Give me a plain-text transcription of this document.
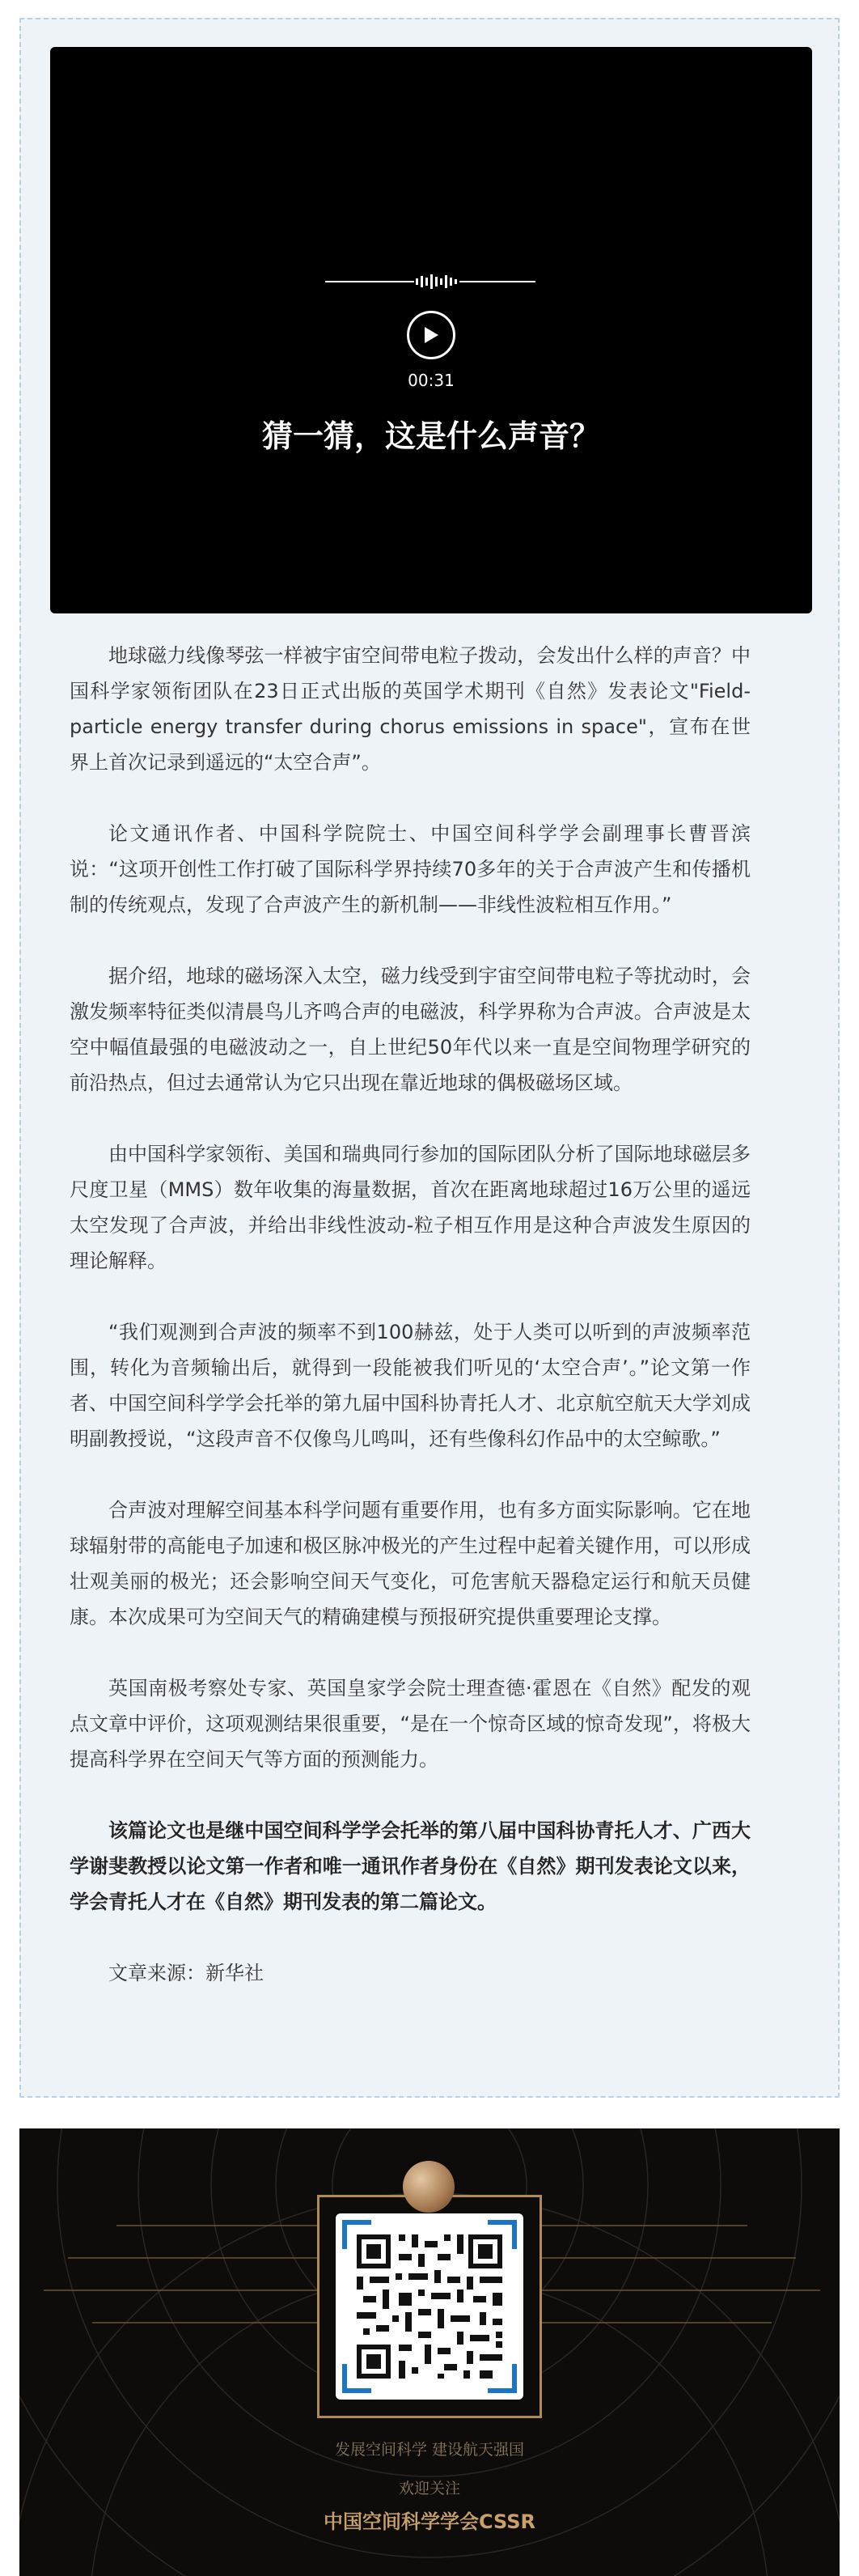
00:31
猜一猜，这是什么声音？

地球磁力线像琴弦一样被宇宙空间带电粒子拨动，会发出什么样的声音？中国科学家领衔团队在23日正式出版的英国学术期刊《自然》发表论文"Field-particle energy transfer during chorus emissions in space"，宣布在世界上首次记录到遥远的“太空合声”。

论文通讯作者、中国科学院院士、中国空间科学学会副理事长曹晋滨说：“这项开创性工作打破了国际科学界持续70多年的关于合声波产生和传播机制的传统观点，发现了合声波产生的新机制——非线性波粒相互作用。”

据介绍，地球的磁场深入太空，磁力线受到宇宙空间带电粒子等扰动时，会激发频率特征类似清晨鸟儿齐鸣合声的电磁波，科学界称为合声波。合声波是太空中幅值最强的电磁波动之一，自上世纪50年代以来一直是空间物理学研究的前沿热点，但过去通常认为它只出现在靠近地球的偶极磁场区域。

由中国科学家领衔、美国和瑞典同行参加的国际团队分析了国际地球磁层多尺度卫星（MMS）数年收集的海量数据，首次在距离地球超过16万公里的遥远太空发现了合声波，并给出非线性波动-粒子相互作用是这种合声波发生原因的理论解释。

“我们观测到合声波的频率不到100赫兹，处于人类可以听到的声波频率范围，转化为音频输出后，就得到一段能被我们听见的‘太空合声’。”论文第一作者、中国空间科学学会托举的第九届中国科协青托人才、北京航空航天大学刘成明副教授说，“这段声音不仅像鸟儿鸣叫，还有些像科幻作品中的太空鲸歌。”

合声波对理解空间基本科学问题有重要作用，也有多方面实际影响。它在地球辐射带的高能电子加速和极区脉冲极光的产生过程中起着关键作用，可以形成壮观美丽的极光；还会影响空间天气变化，可危害航天器稳定运行和航天员健康。本次成果可为空间天气的精确建模与预报研究提供重要理论支撑。

英国南极考察处专家、英国皇家学会院士理查德·霍恩在《自然》配发的观点文章中评价，这项观测结果很重要，“是在一个惊奇区域的惊奇发现”，将极大提高科学界在空间天气等方面的预测能力。

该篇论文也是继中国空间科学学会托举的第八届中国科协青托人才、广西大学谢斐教授以论文第一作者和唯一通讯作者身份在《自然》期刊发表论文以来，学会青托人才在《自然》期刊发表的第二篇论文。

文章来源：新华社

发展空间科学 建设航天强国
欢迎关注
中国空间科学学会CSSR
